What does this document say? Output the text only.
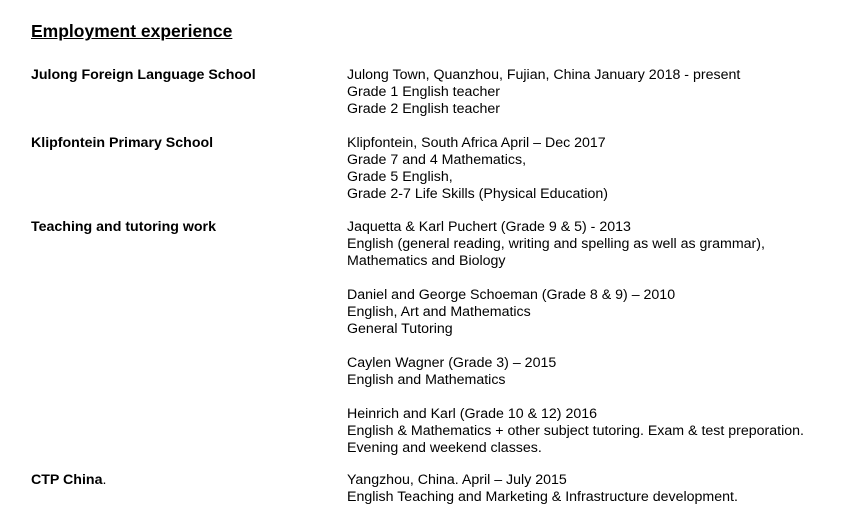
Employment experience
Julong Foreign Language School	Julong Town, Quanzhou, Fujian, China January 2018 - present
Grade 1 English teacher
Grade 2 English teacher
Klipfontein Primary School	Klipfontein, South Africa April – Dec 2017
Grade 7 and 4 Mathematics,
Grade 5 English,
Grade 2-7 Life Skills (Physical Education)
Teaching and tutoring work	Jaquetta & Karl Puchert (Grade 9 & 5) - 2013
English (general reading, writing and spelling as well as grammar),
Mathematics and Biology
Daniel and George Schoeman (Grade 8 & 9) – 2010
English, Art and Mathematics
General Tutoring
Caylen Wagner (Grade 3) – 2015
English and Mathematics
Heinrich and Karl (Grade 10 & 12) 2016
English & Mathematics + other subject tutoring. Exam & test preporation.
Evening and weekend classes.
CTP China.	Yangzhou, China. April – July 2015
English Teaching and Marketing & Infrastructure development.
